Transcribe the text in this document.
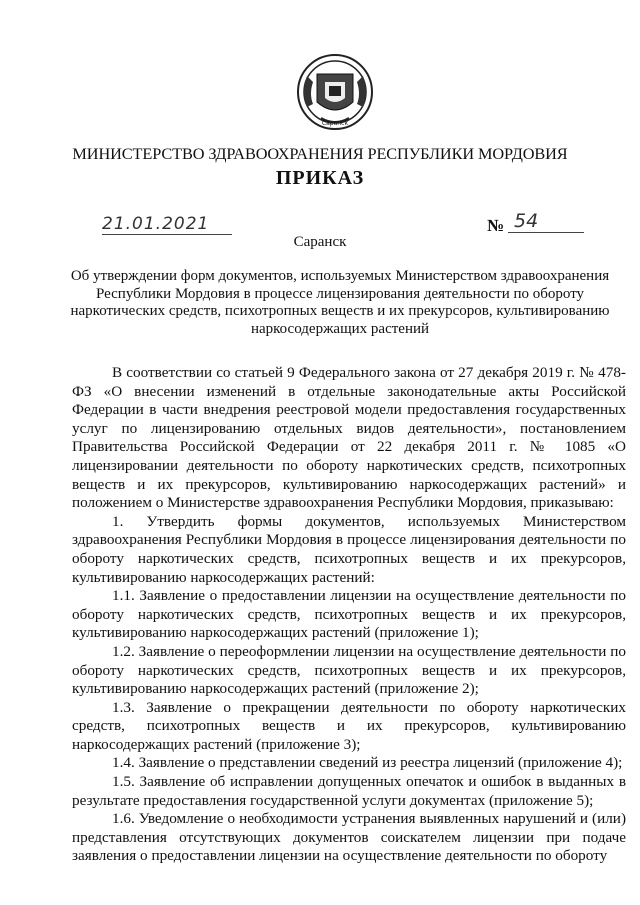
Саранск
МИНИСТЕРСТВО ЗДРАВООХРАНЕНИЯ РЕСПУБЛИКИ МОРДОВИЯ
ПРИКАЗ
21.01.2021	№ 54
Саранск
Об утверждении форм документов, используемых Министерством здравоохранения Республики Мордовия в процессе лицензирования деятельности по обороту наркотических средств, психотропных веществ и их прекурсоров, культивированию наркосодержащих растений

В соответствии со статьей 9 Федерального закона от 27 декабря 2019 г. № 478-ФЗ «О внесении изменений в отдельные законодательные акты Российской Федерации в части внедрения реестровой модели предоставления государственных услуг по лицензированию отдельных видов деятельности», постановлением Правительства Российской Федерации от 22 декабря 2011 г. № 1085 «О лицензировании деятельности по обороту наркотических средств, психотропных веществ и их прекурсоров, культивированию наркосодержащих растений» и положением о Министерстве здравоохранения Республики Мордовия, приказываю:

1. Утвердить формы документов, используемых Министерством здравоохранения Республики Мордовия в процессе лицензирования деятельности по обороту наркотических средств, психотропных веществ и их прекурсоров, культивированию наркосодержащих растений:

1.1. Заявление о предоставлении лицензии на осуществление деятельности по обороту наркотических средств, психотропных веществ и их прекурсоров, культивированию наркосодержащих растений (приложение 1);

1.2. Заявление о переоформлении лицензии на осуществление деятельности по обороту наркотических средств, психотропных веществ и их прекурсоров, культивированию наркосодержащих растений (приложение 2);

1.3. Заявление о прекращении деятельности по обороту наркотических средств, психотропных веществ и их прекурсоров, культивированию наркосодержащих растений (приложение 3);

1.4. Заявление о представлении сведений из реестра лицензий (приложение 4);

1.5. Заявление об исправлении допущенных опечаток и ошибок в выданных в результате предоставления государственной услуги документах (приложение 5);

1.6. Уведомление о необходимости устранения выявленных нарушений и (или) представления отсутствующих документов соискателем лицензии при подаче заявления о предоставлении лицензии на осуществление деятельности по обороту
